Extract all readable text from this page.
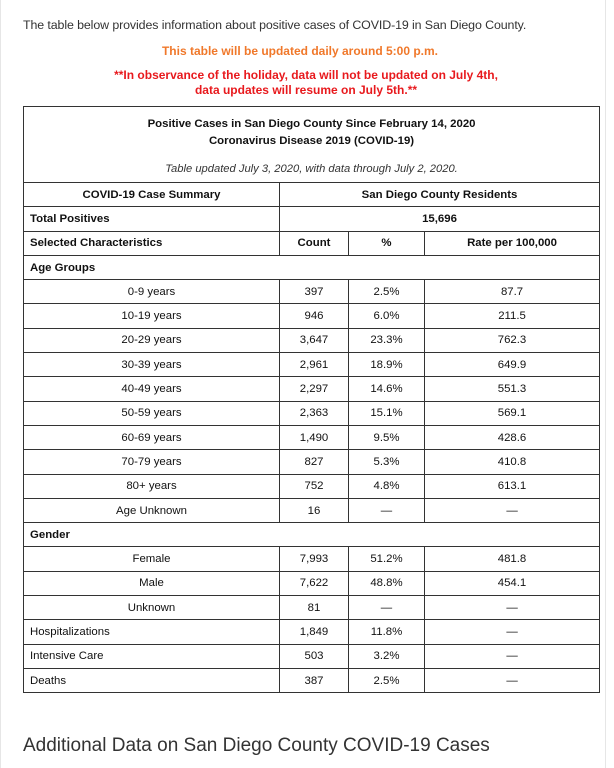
The table below provides information about positive cases of COVID-19 in San Diego County.
This table will be updated daily around 5:00 p.m.
**In observance of the holiday, data will not be updated on July 4th,
data updates will resume on July 5th.**
Positive Cases in San Diego County Since February 14, 2020
Coronavirus Disease 2019 (COVID-19)
Table updated July 3, 2020, with data through July 2, 2020.			

COVID-19 Case Summary	San Diego County Residents		
Total Positives	15,696		
Selected Characteristics	Count	%	Rate per 100,000
Age Groups			
0-9 years	397	2.5%	87.7
10-19 years	946	6.0%	211.5
20-29 years	3,647	23.3%	762.3
30-39 years	2,961	18.9%	649.9
40-49 years	2,297	14.6%	551.3
50-59 years	2,363	15.1%	569.1
60-69 years	1,490	9.5%	428.6
70-79 years	827	5.3%	410.8
80+ years	752	4.8%	613.1
Age Unknown	16	—	—
Gender			
Female	7,993	51.2%	481.8
Male	7,622	48.8%	454.1
Unknown	81	—	—
Hospitalizations	1,849	11.8%	—
Intensive Care	503	3.2%	—
Deaths	387	2.5%	—
Additional Data on San Diego County COVID-19 Cases
